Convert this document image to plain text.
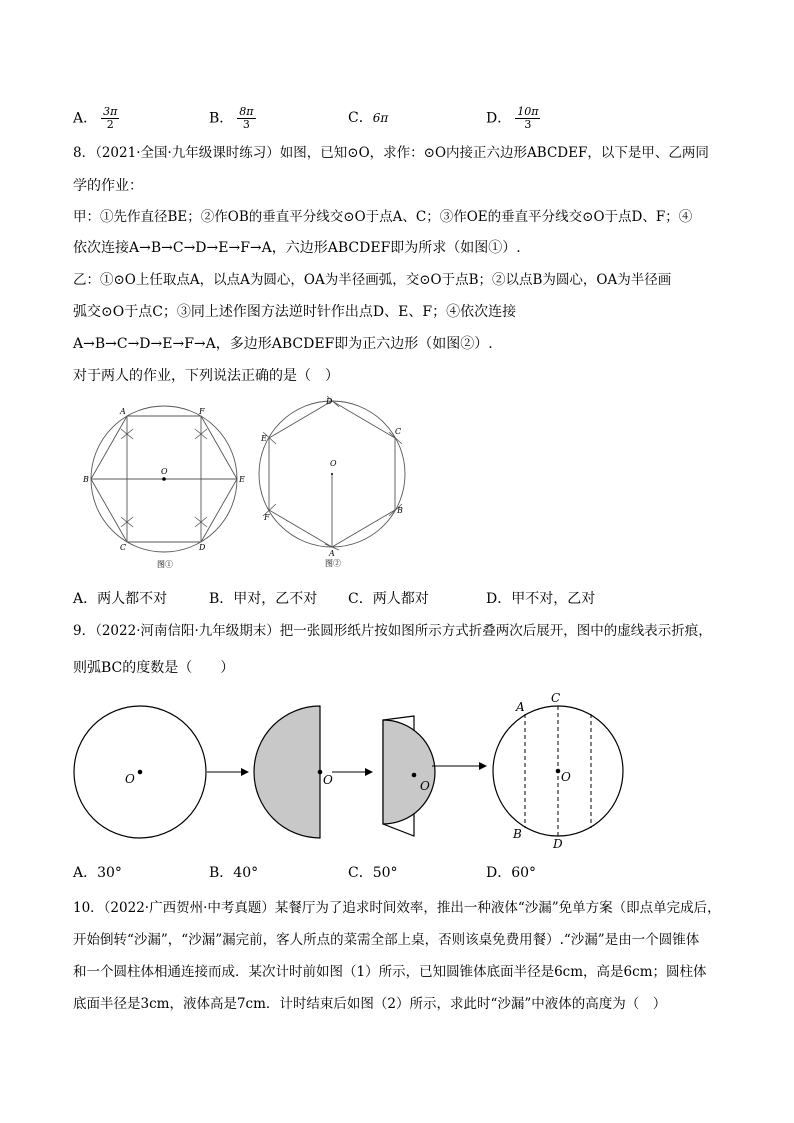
A． $\frac{3\pi}{2}$	B． $\frac{8\pi}{3}$	C．6π	D． $\frac{10\pi}{3}$
8．（2021·全国·九年级课时练习）如图，已知⊙O，求作：⊙O内接正六边形ABCDEF，以下是甲、乙两同
学的作业：
甲：①先作直径BE；②作OB的垂直平分线交⊙O于点A、C；③作OE的垂直平分线交⊙O于点D、F；④
依次连接A→B→C→D→E→F→A，六边形ABCDEF即为所求（如图①）.
乙：①⊙O上任取点A，以点A为圆心，OA为半径画弧，交⊙O于点B；②以点B为圆心，OA为半径画
弧交⊙O于点C；③同上述作图方法逆时针作出点D、E、F；④依次连接
A→B→C→D→E→F→A，多边形ABCDEF即为正六边形（如图②）.
对于两人的作业，下列说法正确的是（　）
A	F
B	E
O
C	D
图①
D
E
C
O
F
B
A
图②
A．两人都不对	B．甲对，乙不对 C．两人都对	D．甲不对，乙对
9．（2022·河南信阳·九年级期末）把一张圆形纸片按如图所示方式折叠两次后展开，图中的虚线表示折痕，
则弧BC的度数是（　　）
O	O	O
O
A
C
B
D
A．30°	B．40°	C．50°	D．60°
10．（2022·广西贺州·中考真题）某餐厅为了追求时间效率，推出一种液体“沙漏”免单方案（即点单完成后，
开始倒转“沙漏”，“沙漏”漏完前，客人所点的菜需全部上桌，否则该桌免费用餐）.“沙漏”是由一个圆锥体
和一个圆柱体相通连接而成．某次计时前如图（1）所示，已知圆锥体底面半径是6cm，高是6cm；圆柱体
底面半径是3cm，液体高是7cm．计时结束后如图（2）所示，求此时“沙漏”中液体的高度为（　）
